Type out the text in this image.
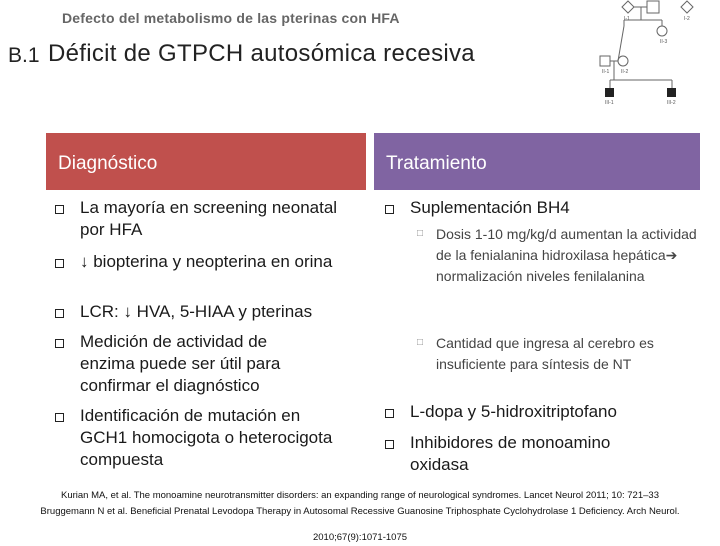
Defecto del metabolismo de las pterinas con HFA
B.1 Déficit de GTPCH autosómica recesiva
II-1 II-2
II-3
I-1	I-2
III-1	III-2
Diagnóstico	Tratamiento
La mayoría en screening neonatal por HFA
↓ biopterina y neopterina en orina
LCR: ↓ HVA, 5-HIAA y pterinas
Medición de actividad de enzima puede ser útil para confirmar el diagnóstico
Identificación de mutación en GCH1 homocigota o heterocigota compuesta
Suplementación BH4
□ Dosis 1-10 mg/kg/d aumentan la actividad de la fenialanina hidroxilasa hepática➔ normalización niveles fenilalanina
□ Cantidad que ingresa al cerebro es insuficiente para síntesis de NT
L-dopa y 5-hidroxitriptofano
Inhibidores de monoamino oxidasa
Kurian MA, et al. The monoamine neurotransmitter disorders: an expanding range of neurological syndromes. Lancet Neurol 2011; 10: 721–33
Bruggemann N et al. Beneficial Prenatal Levodopa Therapy in Autosomal Recessive Guanosine Triphosphate Cyclohydrolase 1 Deficiency. Arch Neurol.
2010;67(9):1071-1075
